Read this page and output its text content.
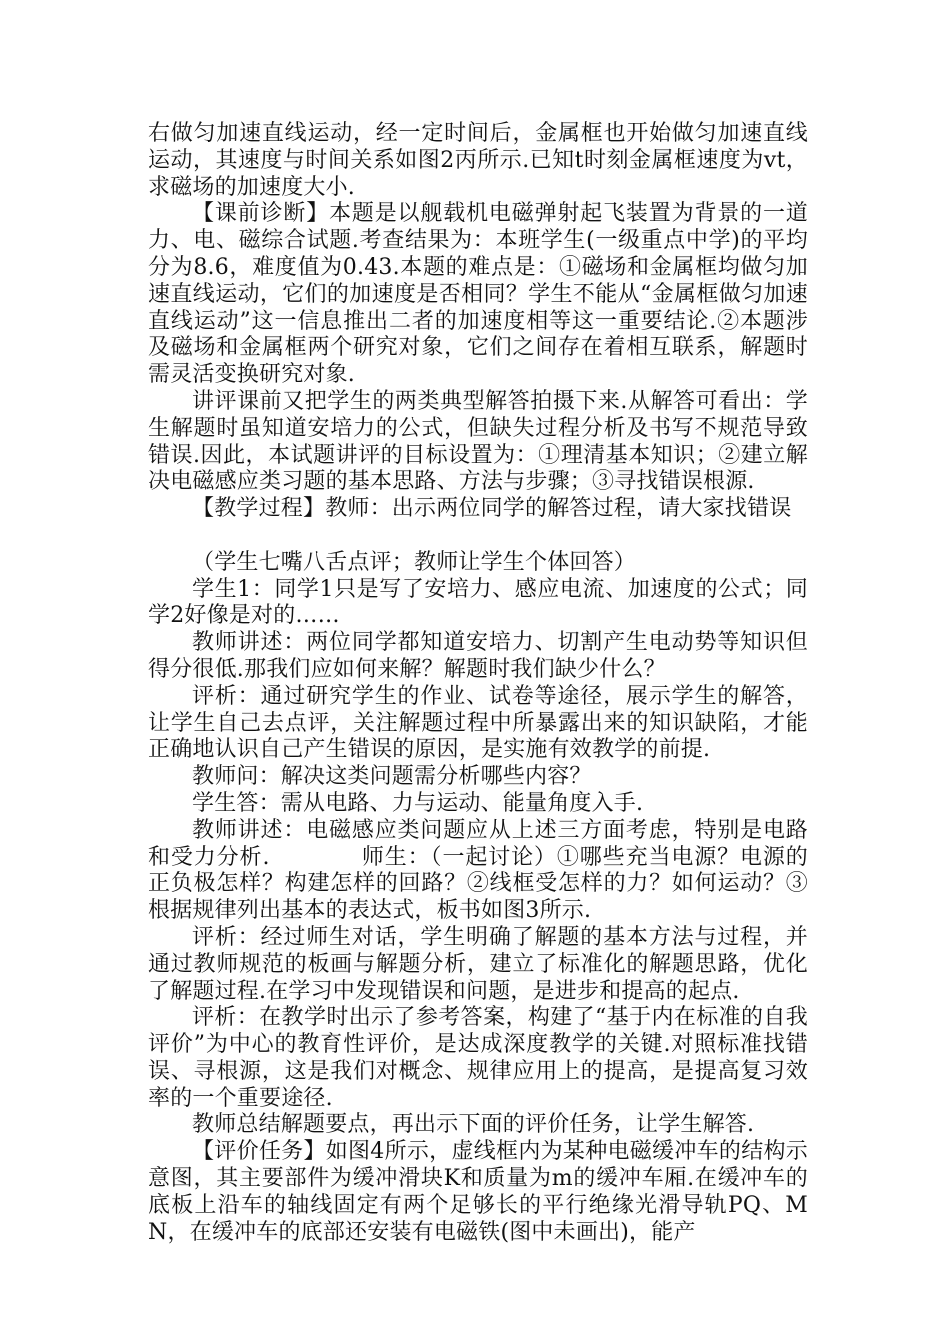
右做匀加速直线运动，经一定时间后，金属框也开始做匀加速直线运动，其速度与时间关系如图2丙所示.已知t时刻金属框速度为vt，求磁场的加速度大小.

【课前诊断】本题是以舰载机电磁弹射起飞装置为背景的一道力、电、磁综合试题.考查结果为：本班学生(一级重点中学)的平均分为8.6，难度值为0.43.本题的难点是：①磁场和金属框均做匀加速直线运动，它们的加速度是否相同？学生不能从“金属框做匀加速直线运动”这一信息推出二者的加速度相等这一重要结论.②本题涉及磁场和金属框两个研究对象，它们之间存在着相互联系，解题时需灵活变换研究对象.

讲评课前又把学生的两类典型解答拍摄下来.从解答可看出：学生解题时虽知道安培力的公式，但缺失过程分析及书写不规范导致错误.因此，本试题讲评的目标设置为：①理清基本知识；②建立解决电磁感应类习题的基本思路、方法与步骤；③寻找错误根源.

【教学过程】教师：出示两位同学的解答过程，请大家找错误

（学生七嘴八舌点评；教师让学生个体回答）

学生1：同学1只是写了安培力、感应电流、加速度的公式；同学2好像是对的……

教师讲述：两位同学都知道安培力、切割产生电动势等知识但得分很低.那我们应如何来解？解题时我们缺少什么？

评析：通过研究学生的作业、试卷等途径，展示学生的解答，让学生自己去点评，关注解题过程中所暴露出来的知识缺陷，才能正确地认识自己产生错误的原因，是实施有效教学的前提.

教师问：解决这类问题需分析哪些内容？

学生答：需从电路、力与运动、能量角度入手.

教师讲述：电磁感应类问题应从上述三方面考虑，特别是电路和受力分析.　　　　师生：（一起讨论）①哪些充当电源？电源的正负极怎样？构建怎样的回路？②线框受怎样的力？如何运动？③根据规律列出基本的表达式，板书如图3所示.

评析：经过师生对话，学生明确了解题的基本方法与过程，并通过教师规范的板画与解题分析，建立了标准化的解题思路，优化了解题过程.在学习中发现错误和问题，是进步和提高的起点.

评析：在教学时出示了参考答案，构建了“基于内在标准的自我评价”为中心的教育性评价，是达成深度教学的关键.对照标准找错误、寻根源，这是我们对概念、规律应用上的提高，是提高复习效率的一个重要途径.

教师总结解题要点，再出示下面的评价任务，让学生解答.

【评价任务】如图4所示，虚线框内为某种电磁缓冲车的结构示意图，其主要部件为缓冲滑块K和质量为m的缓冲车厢.在缓冲车的底板上沿车的轴线固定有两个足够长的平行绝缘光滑导轨PQ、MN，在缓冲车的底部还安装有电磁铁(图中未画出)，能产
